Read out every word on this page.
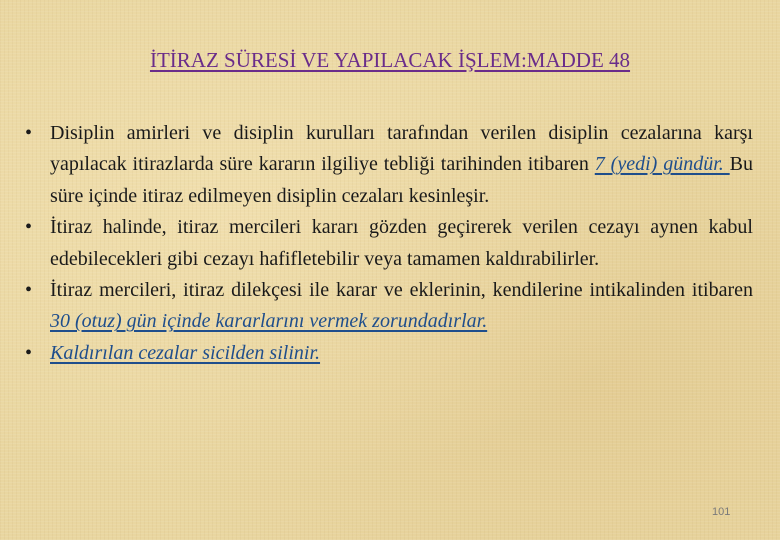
İTİRAZ SÜRESİ VE YAPILACAK İŞLEM:MADDE 48
• Disiplin amirleri ve disiplin kurulları tarafından verilen disiplin cezalarına karşı yapılacak itirazlarda süre kararın ilgiliye tebliği tarihinden itibaren 7 (yedi) gündür. Bu süre içinde itiraz edilmeyen disiplin cezaları kesinleşir.
• İtiraz halinde, itiraz mercileri kararı gözden geçirerek verilen cezayı aynen kabul edebilecekleri gibi cezayı hafifletebilir veya tamamen kaldırabilirler.
• İtiraz mercileri, itiraz dilekçesi ile karar ve eklerinin, kendilerine intikalinden itibaren 30 (otuz) gün içinde kararlarını vermek zorundadırlar.
• Kaldırılan cezalar sicilden silinir.
101
